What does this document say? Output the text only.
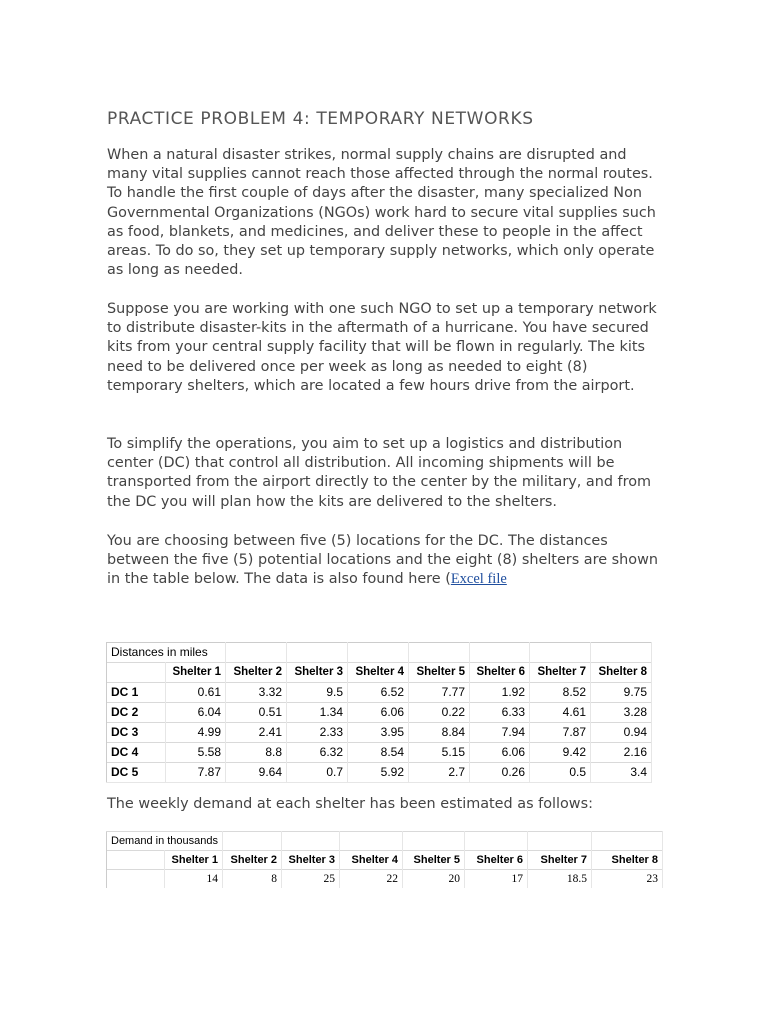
PRACTICE PROBLEM 4: TEMPORARY NETWORKS

When a natural disaster strikes, normal supply chains are disrupted and many vital supplies cannot reach those affected through the normal routes. To handle the first couple of days after the disaster, many specialized Non Governmental Organizations (NGOs) work hard to secure vital supplies such as food, blankets, and medicines, and deliver these to people in the affect areas. To do so, they set up temporary supply networks, which only operate as long as needed.

Suppose you are working with one such NGO to set up a temporary network to distribute disaster-kits in the aftermath of a hurricane. You have secured kits from your central supply facility that will be flown in regularly. The kits need to be delivered once per week as long as needed to eight (8) temporary shelters, which are located a few hours drive from the airport.

To simplify the operations, you aim to set up a logistics and distribution center (DC) that control all distribution. All incoming shipments will be transported from the airport directly to the center by the military, and from the DC you will plan how the kits are delivered to the shelters.

You are choosing between five (5) locations for the DC. The distances between the five (5) potential locations and the eight (8) shelters are shown in the table below. The data is also found here (Excel file

Distances in miles								
	Shelter 1	Shelter 2	Shelter 3	Shelter 4	Shelter 5	Shelter 6	Shelter 7	Shelter 8
DC 1	0.61	3.32	9.5	6.52	7.77	1.92	8.52	9.75
DC 2	6.04	0.51	1.34	6.06	0.22	6.33	4.61	3.28
DC 3	4.99	2.41	2.33	3.95	8.84	7.94	7.87	0.94
DC 4	5.58	8.8	6.32	8.54	5.15	6.06	9.42	2.16
DC 5	7.87	9.64	0.7	5.92	2.7	0.26	0.5	3.4

The weekly demand at each shelter has been estimated as follows:

Demand in thousands								
	Shelter 1	Shelter 2	Shelter 3	Shelter 4	Shelter 5	Shelter 6	Shelter 7	Shelter 8
	14	8	25	22	20	17	18.5	23
